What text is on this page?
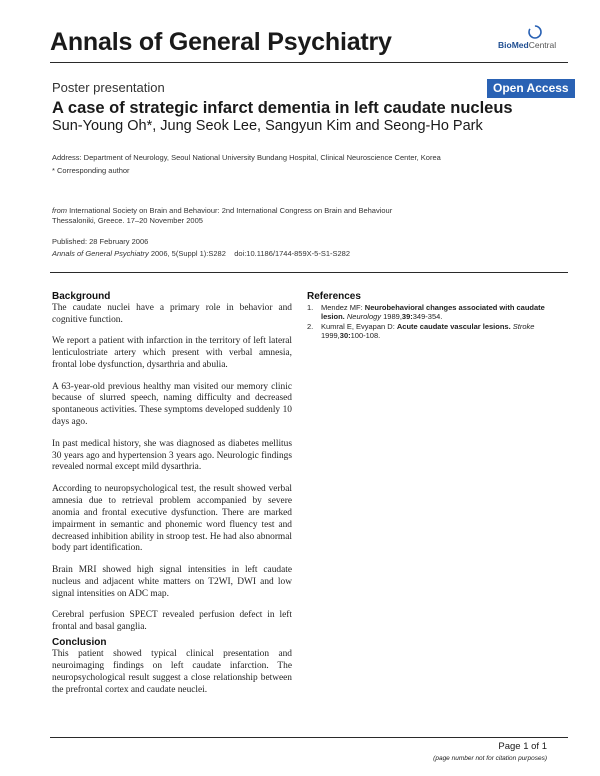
Annals of General Psychiatry	BioMedCentral
Poster presentation	Open Access
A case of strategic infarct dementia in left caudate nucleus
Sun-Young Oh*, Jung Seok Lee, Sangyun Kim and Seong-Ho Park
Address: Department of Neurology, Seoul National University Bundang Hospital, Clinical Neuroscience Center, Korea
* Corresponding author
from International Society on Brain and Behaviour: 2nd International Congress on Brain and Behaviour
Thessaloniki, Greece. 17–20 November 2005
Published: 28 February 2006
Annals of General Psychiatry 2006, 5(Suppl 1):S282 doi:10.1186/1744-859X-5-S1-S282
Background

The caudate nuclei have a primary role in behavior and cognitive function.

We report a patient with infarction in the territory of left lateral lenticulostriate artery which present with verbal amnesia, frontal lobe dysfunction, dysarthria and abulia.

A 63-year-old previous healthy man visited our memory clinic because of slurred speech, naming difficulty and decreased spontaneous activities. These symptoms developed suddenly 10 days ago.

In past medical history, she was diagnosed as diabetes mellitus 30 years ago and hypertension 3 years ago. Neurologic findings revealed normal except mild dysarthria.

According to neuropsychological test, the result showed verbal amnesia due to retrieval problem accompanied by severe anomia and frontal executive dysfunction. There are marked impairment in semantic and phonemic word fluency test and decreased inhibition ability in stroop test. He had also abnormal body part identification.

Brain MRI showed high signal intensities in left caudate nucleus and adjacent white matters on T2WI, DWI and low signal intensities on ADC map.

Cerebral perfusion SPECT revealed perfusion defect in left frontal and basal ganglia.

Conclusion

This patient showed typical clinical presentation and neuroimaging findings on left caudate infarction. The neuropsychological result suggest a close relationship between the prefrontal cortex and caudate neuclei.

References
1. Mendez MF: Neurobehavioral changes associated with caudate lesion. Neurology 1989,39:349-354.
2. Kumral E, Evyapan D: Acute caudate vascular lesions. Stroke 1999,30:100-108.
Page 1 of 1
(page number not for citation purposes)
